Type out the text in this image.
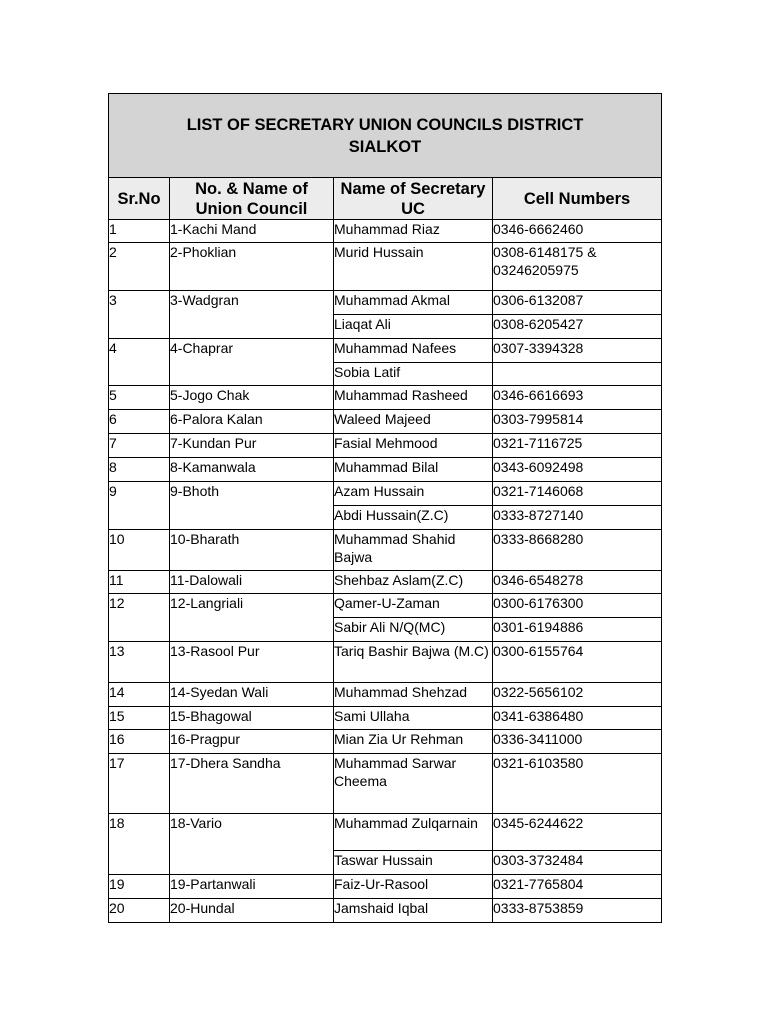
LIST OF SECRETARY UNION COUNCILS DISTRICT
SIALKOT			

Sr.No	No. & Name of Union Council	Name of Secretary UC	Cell Numbers
1	1-Kachi Mand	Muhammad Riaz	0346-6662460
2	2-Phoklian	Murid Hussain	0308-6148175 & 03246205975
3	3-Wadgran	Muhammad Akmal	0306-6132087
		Liaqat Ali	0308-6205427
4	4-Chaprar	Muhammad Nafees	0307-3394328
		Sobia Latif	
5	5-Jogo Chak	Muhammad Rasheed	0346-6616693
6	6-Palora Kalan	Waleed Majeed	0303-7995814
7	7-Kundan Pur	Fasial Mehmood	0321-7116725
8	8-Kamanwala	Muhammad Bilal	0343-6092498
9	9-Bhoth	Azam Hussain	0321-7146068
		Abdi Hussain(Z.C)	0333-8727140
10	10-Bharath	Muhammad Shahid Bajwa	0333-8668280
11	11-Dalowali	Shehbaz Aslam(Z.C)	0346-6548278
12	12-Langriali	Qamer-U-Zaman	0300-6176300
		Sabir Ali N/Q(MC)	0301-6194886
13	13-Rasool Pur	Tariq Bashir Bajwa (M.C)	0300-6155764
14	14-Syedan Wali	Muhammad Shehzad	0322-5656102
15	15-Bhagowal	Sami Ullaha	0341-6386480
16	16-Pragpur	Mian Zia Ur Rehman	0336-3411000
17	17-Dhera Sandha	Muhammad Sarwar Cheema	0321-6103580
18	18-Vario	Muhammad Zulqarnain	0345-6244622
		Taswar Hussain	0303-3732484
19	19-Partanwali	Faiz-Ur-Rasool	0321-7765804
20	20-Hundal	Jamshaid Iqbal	0333-8753859
